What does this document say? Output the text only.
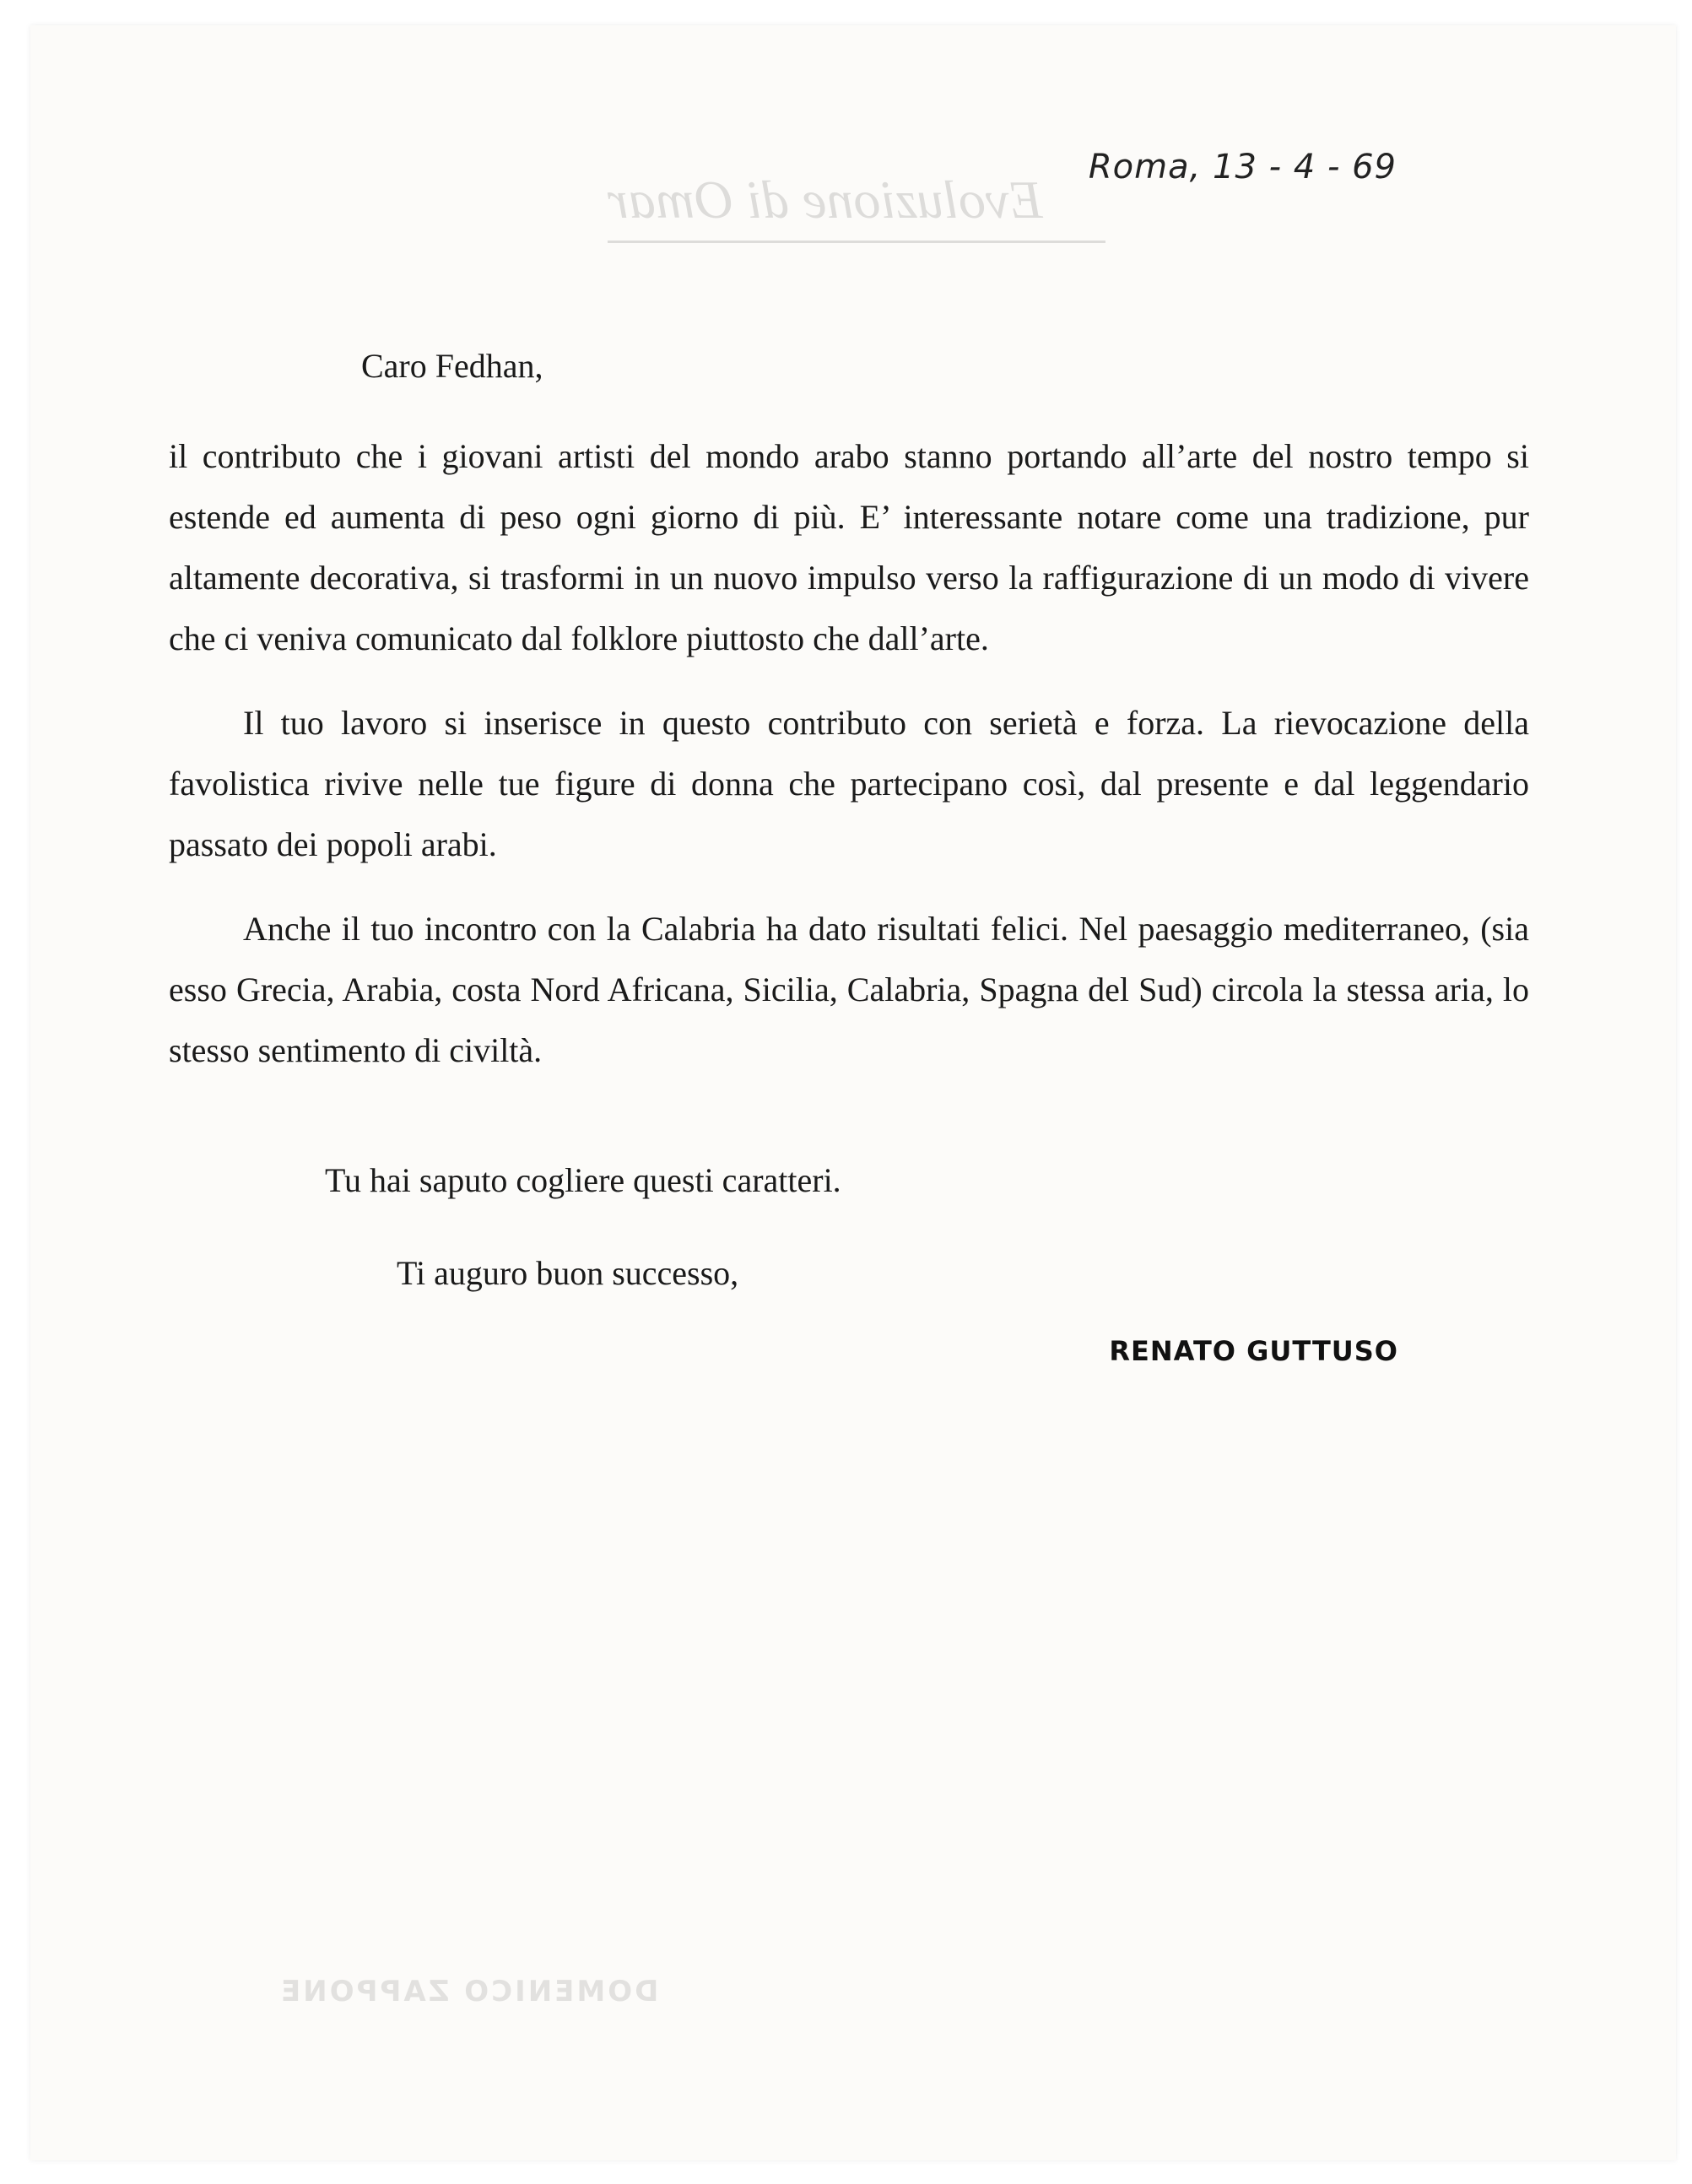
Roma, 13 - 4 - 69
Caro Fedhan,

il contributo che i giovani artisti del mondo arabo stanno portando all’arte del nostro tempo si estende ed aumenta di peso ogni giorno di più. E’ interessante notare come una tradizione, pur altamente decorativa, si trasformi in un nuovo impulso verso la raffigurazione di un modo di vivere che ci veniva comunicato dal folklore piuttosto che dall’arte.

Il tuo lavoro si inserisce in questo contributo con serietà e forza. La rievocazione della favolistica rivive nelle tue figure di donna che partecipano così, dal presente e dal leggendario passato dei popoli arabi.

Anche il tuo incontro con la Calabria ha dato risultati felici. Nel paesaggio mediterraneo, (sia esso Grecia, Arabia, costa Nord Africana, Sicilia, Calabria, Spagna del Sud) circola la stessa aria, lo stesso sentimento di civiltà.

Tu hai saputo cogliere questi caratteri.
Ti auguro buon successo,
RENATO GUTTUSO
